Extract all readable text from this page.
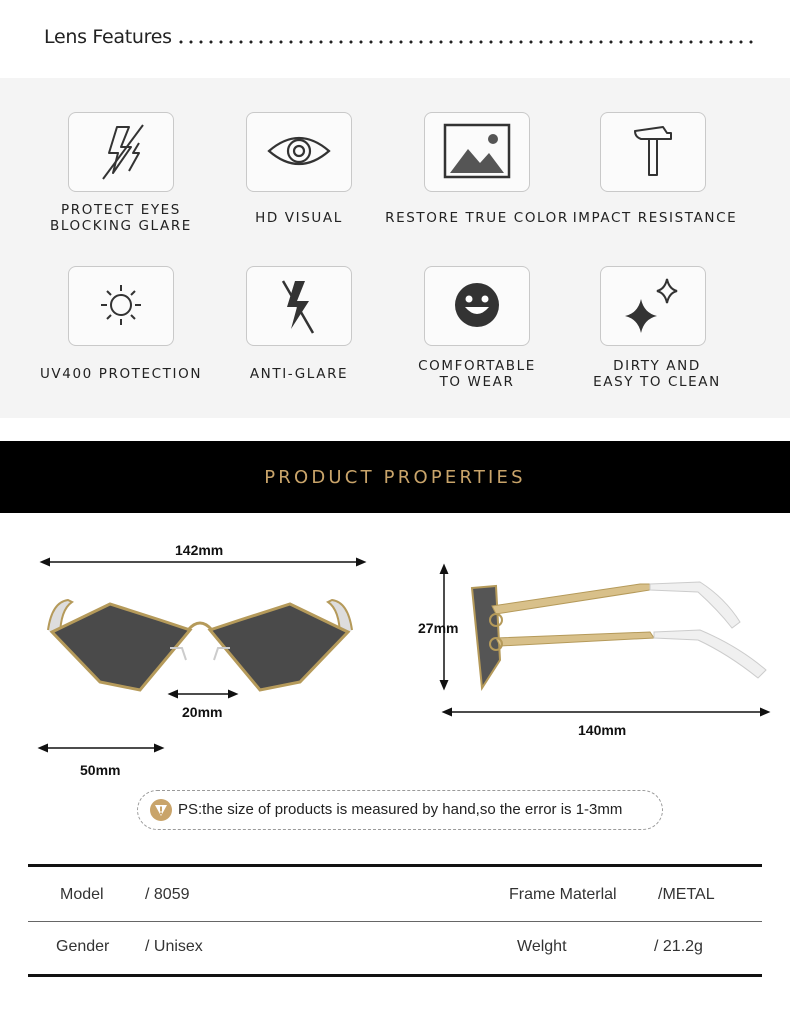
Lens Features
PROTECT EYES
BLOCKING GLARE	HD VISUAL	RESTORE TRUE COLOR IMPACT RESISTANCE
UV400 PROTECTION	ANTI-GLARE	COMFORTABLE
TO WEAR
DIRTY AND
EASY TO CLEAN
PRODUCT PROPERTIES
142mm
20mm
50mm
27mm
140mm
PS:the size of products is measured by hand,so the error is 1-3mm
Model	/ 8059	Frame Materlal	/METAL
Gender / Unisex	Welght	/ 21.2g
